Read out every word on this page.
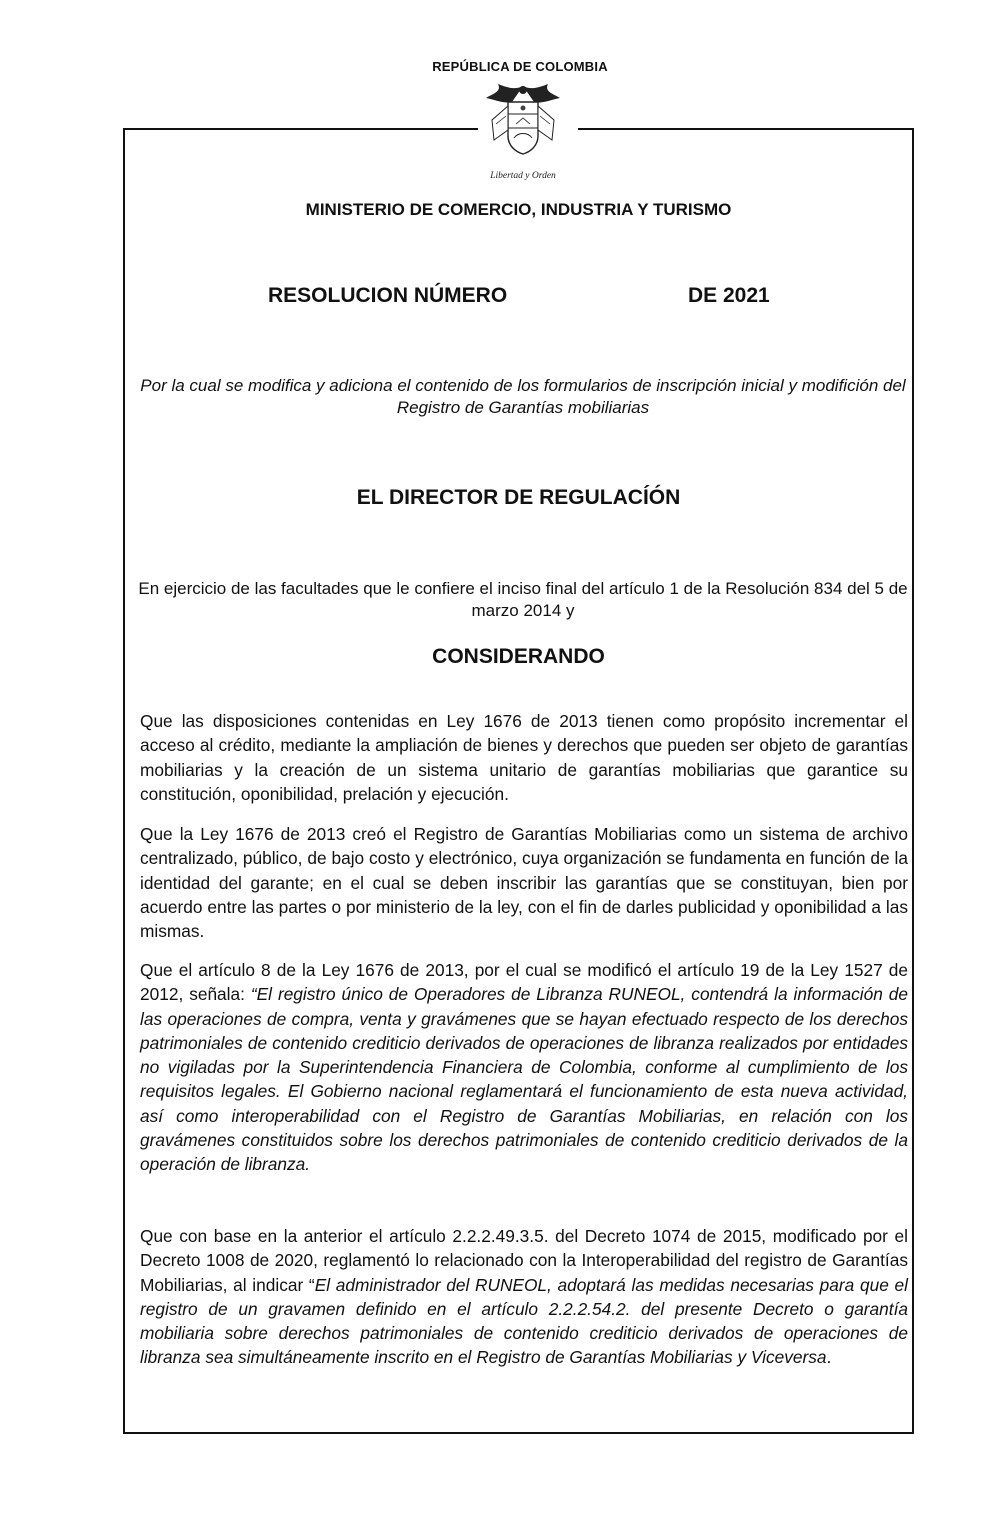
REPÚBLICA DE COLOMBIA
Libertad y Orden
MINISTERIO DE COMERCIO, INDUSTRIA Y TURISMO
RESOLUCION NÚMERO	DE 2021
Por la cual se modifica y adiciona el contenido de los formularios de inscripción inicial y modifición del Registro de Garantías mobiliarias
EL DIRECTOR DE REGULACÍÓN
En ejercicio de las facultades que le confiere el inciso final del artículo 1 de la Resolución 834 del 5 de marzo 2014 y
CONSIDERANDO

Que las disposiciones contenidas en Ley 1676 de 2013 tienen como propósito incrementar el acceso al crédito, mediante la ampliación de bienes y derechos que pueden ser objeto de garantías mobiliarias y la creación de un sistema unitario de garantías mobiliarias que garantice su constitución, oponibilidad, prelación y ejecución.

Que la Ley 1676 de 2013 creó el Registro de Garantías Mobiliarias como un sistema de archivo centralizado, público, de bajo costo y electrónico, cuya organización se fundamenta en función de la identidad del garante; en el cual se deben inscribir las garantías que se constituyan, bien por acuerdo entre las partes o por ministerio de la ley, con el fin de darles publicidad y oponibilidad a las mismas.

Que el artículo 8 de la Ley 1676 de 2013, por el cual se modificó el artículo 19 de la Ley 1527 de 2012, señala: “El registro único de Operadores de Libranza RUNEOL, contendrá la información de las operaciones de compra, venta y gravámenes que se hayan efectuado respecto de los derechos patrimoniales de contenido crediticio derivados de operaciones de libranza realizados por entidades no vigiladas por la Superintendencia Financiera de Colombia, conforme al cumplimiento de los requisitos legales. El Gobierno nacional reglamentará el funcionamiento de esta nueva actividad, así como interoperabilidad con el Registro de Garantías Mobiliarias, en relación con los gravámenes constituidos sobre los derechos patrimoniales de contenido crediticio derivados de la operación de libranza.

Que con base en la anterior el artículo 2.2.2.49.3.5. del Decreto 1074 de 2015, modificado por el Decreto 1008 de 2020, reglamentó lo relacionado con la Interoperabilidad del registro de Garantías Mobiliarias, al indicar “El administrador del RUNEOL, adoptará las medidas necesarias para que el registro de un gravamen definido en el artículo 2.2.2.54.2. del presente Decreto o garantía mobiliaria sobre derechos patrimoniales de contenido crediticio derivados de operaciones de libranza sea simultáneamente inscrito en el Registro de Garantías Mobiliarias y Viceversa.
